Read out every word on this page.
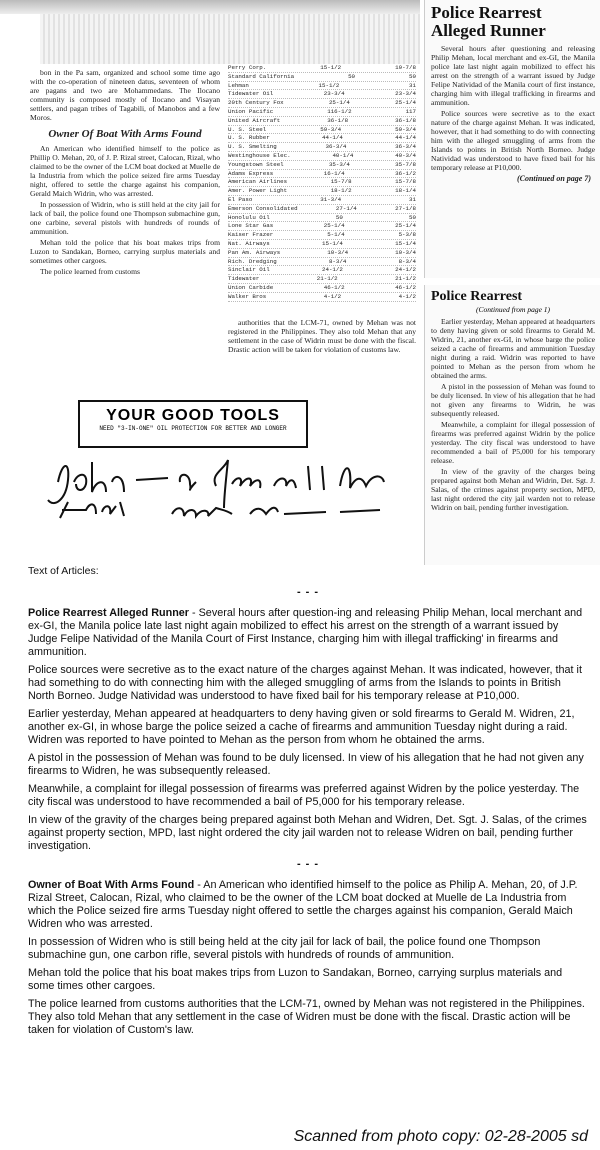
bon in the Pa sam, organized and school some time ago with the co-operation of nineteen datus, seventeen of whom are pagans and two are Mohammedans. The Ilocano community is composed mostly of Ilocano and Visayan settlers, and pagan tribes of Tagabili, of Manobos and a few Moros.

Owner Of Boat With Arms Found

An American who identified himself to the police as Phillip O. Mehan, 20, of J. P. Rizal street, Calocan, Rizal, who claimed to be the owner of the LCM boat docked at Muelle de la Industria from which the police seized fire arms Tuesday night, offered to settle the charge against his companion, Gerald Maich Widrin, who was arrested.

In possession of Widrin, who is still held at the city jail for lack of bail, the police found one Thompson submachine gun, one carbine, several pistols with hundreds of rounds of ammunition.

Mehan told the police that his boat makes trips from Luzon to Sandakan, Borneo, carrying surplus materials and sometimes other cargoes.

The police learned from customs

Perry Corp.	15-1/2	19-7/8
Standard California	50	50
Lehman	15-1/2	31
Tidewater Oil	23-3/4	23-3/4
20th Century Fox	25-1/4	25-1/4
Union Pacific	116-1/2	117
United Aircraft	36-1/8	36-1/8
U. S. Steel	59-3/4	59-3/4
U. S. Rubber	44-1/4	44-1/4
U. S. Smelting	36-3/4	36-3/4
Westinghouse Elec.	40-1/4	40-3/4
Youngstown Steel	35-3/4	35-7/8
Adams Express	16-1/4	36-1/2
American Airlines	15-7/8	15-7/8
Amer. Power Light	18-1/2	18-1/4
El Paso	31-3/4	31
Emerson Consolidated	27-1/4	27-1/8
Honolulu Oil	50	50
Lone Star Gas	25-1/4	25-1/4
Kaiser Frazer	5-1/4	5-3/8
Nat. Airways	15-1/4	15-1/4
Pan Am. Airways	10-3/4	10-3/4
Rich. Dredging	8-3/4	8-3/4
Sinclair Oil	24-1/2	24-1/2
Tidewater	21-1/2	21-1/2
Union Carbide	46-1/2	46-1/2
Walker Bros	4-1/2	4-1/2

authorities that the LCM-71, owned by Mehan was not registered in the Philippines. They also told Mehan that any settlement in the case of Widrin must be done with the fiscal. Drastic action will be taken for violation of customs law.

YOUR GOOD TOOLS
NEED "3-IN-ONE" OIL PROTECTION FOR BETTER AND LONGER
Police Rearrest Alleged Runner

Several hours after questioning and releasing Philip Mehan, local merchant and ex-GI, the Manila police late last night again mobilized to effect his arrest on the strength of a warrant issued by Judge Felipe Natividad of the Manila court of first instance, charging him with illegal trafficking in firearms and ammunition.

Police sources were secretive as to the exact nature of the charge against Mehan. It was indicated, however, that it had something to do with connecting him with the alleged smuggling of arms from the Islands to points in British North Borneo. Judge Natividad was understood to have fixed bail for his temporary release at P10,000.

(Continued on page 7)
Police Rearrest
(Continued from page 1)

Earlier yesterday, Mehan appeared at headquarters to deny having given or sold firearms to Gerald M. Widrin, 21, another ex-GI, in whose barge the police seized a cache of firearms and ammunition Tuesday night during a raid. Widrin was reported to have pointed to Mehan as the person from whom he obtained the arms.

A pistol in the possession of Mehan was found to be duly licensed. In view of his allegation that he had not given any firearms to Widrin, he was subsequently released.

Meanwhile, a complaint for illegal possession of firearms was preferred against Widrin by the police yesterday. The city fiscal was understood to have recommended a bail of P5,000 for his temporary release.

In view of the gravity of the charges being prepared against both Mehan and Widrin, Det. Sgt. J. Salas, of the crimes against property section, MPD, last night ordered the city jail warden not to release Widrin on bail, pending further investigation.

Text of Articles:

- - -

Police Rearrest Alleged Runner - Several hours after question-ing and releasing Philip Mehan, local merchant and ex-GI, the Manila police late last night again mobilized to effect his arrest on the strength of a warrant issued by Judge Felipe Natividad of the Manila Court of First Instance, charging him with illegal trafficking' in firearms and ammunition.

Police sources were secretive as to the exact nature of the charges against Mehan. It was indicated, however, that it had something to do with connecting him with the alleged smuggling of arms from the Islands to points in British North Borneo. Judge Natividad was understood to have fixed bail for his temporary release at P10,000.

Earlier yesterday, Mehan appeared at headquarters to deny having given or sold firearms to Gerald M. Widren, 21, another ex-GI, in whose barge the police seized a cache of firearms and ammunition Tuesday night during a raid. Widren was reported to have pointed to Mehan as the person from whom he obtained the arms.

A pistol in the possession of Mehan was found to be duly licensed. In view of his allegation that he had not given any firearms to Widren, he was subsequently released.

Meanwhile, a complaint for illegal possession of firearms was preferred against Widren by the police yesterday. The city fiscal was understood to have recommended a bail of P5,000 for his temporary release.

In view of the gravity of the charges being prepared against both Mehan and Widren, Det. Sgt. J. Salas, of the crimes against property section, MPD, last night ordered the city jail warden not to release Widren on bail, pending further investigation.

- - -

Owner of Boat With Arms Found - An American who identified himself to the police as Philip A. Mehan, 20, of J.P. Rizal Street, Calocan, Rizal, who claimed to be the owner of the LCM boat docked at Muelle de La Industria from which the Police seized fire arms Tuesday night offered to settle the charges against his companion, Gerald Maich Widren who was arrested.

In possession of Widren who is still being held at the city jail for lack of bail, the police found one Thompson submachine gun, one carbon rifle, several pistols with hundreds of rounds of ammunition.

Mehan told the police that his boat makes trips from Luzon to Sandakan, Borneo, carrying surplus materials and some times other cargoes.

The police learned from customs authorities that the LCM-71, owned by Mehan was not registered in the Philippines. They also told Mehan that any settlement in the case of Widren must be done with the fiscal. Drastic action will be taken for violation of Custom's law.

Scanned from photo copy: 02-28-2005 sd
